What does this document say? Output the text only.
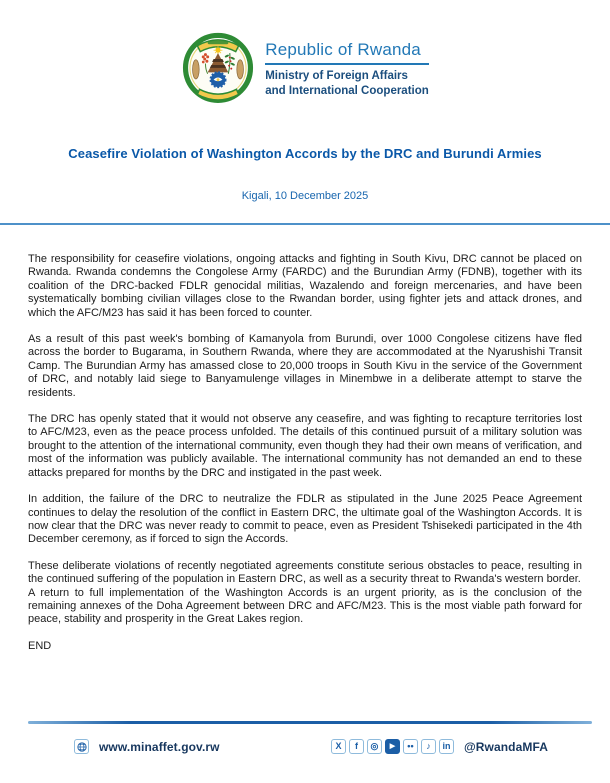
Republic of Rwanda
Ministry of Foreign Affairs
and International Cooperation
Ceasefire Violation of Washington Accords by the DRC and Burundi Armies
Kigali, 10 December 2025

The responsibility for ceasefire violations, ongoing attacks and fighting in South Kivu, DRC cannot be placed on Rwanda. Rwanda condemns the Congolese Army (FARDC) and the Burundian Army (FDNB), together with its coalition of the DRC-backed FDLR genocidal militias, Wazalendo and foreign mercenaries, and have been systematically bombing civilian villages close to the Rwandan border, using fighter jets and attack drones, and which the AFC/M23 has said it has been forced to counter.

As a result of this past week's bombing of Kamanyola from Burundi, over 1000 Congolese citizens have fled across the border to Bugarama, in Southern Rwanda, where they are accommodated at the Nyarushishi Transit Camp. The Burundian Army has amassed close to 20,000 troops in South Kivu in the service of the Government of DRC, and notably laid siege to Banyamulenge villages in Minembwe in a deliberate attempt to starve the residents.

The DRC has openly stated that it would not observe any ceasefire, and was fighting to recapture territories lost to AFC/M23, even as the peace process unfolded. The details of this continued pursuit of a military solution was brought to the attention of the international community, even though they had their own means of verification, and most of the information was publicly available. The international community has not demanded an end to these attacks prepared for months by the DRC and instigated in the past week.

In addition, the failure of the DRC to neutralize the FDLR as stipulated in the June 2025 Peace Agreement continues to delay the resolution of the conflict in Eastern DRC, the ultimate goal of the Washington Accords. It is now clear that the DRC was never ready to commit to peace, even as President Tshisekedi participated in the 4th December ceremony, as if forced to sign the Accords.

These deliberate violations of recently negotiated agreements constitute serious obstacles to peace, resulting in the continued suffering of the population in Eastern DRC, as well as a security threat to Rwanda's western border.

A return to full implementation of the Washington Accords is an urgent priority, as is the conclusion of the remaining annexes of the Doha Agreement between DRC and AFC/M23. This is the most viable path forward for peace, stability and prosperity in the Great Lakes region.

END
www.minaffet.gov.rw	X	f	◎	▶	••	♪	in @RwandaMFA
